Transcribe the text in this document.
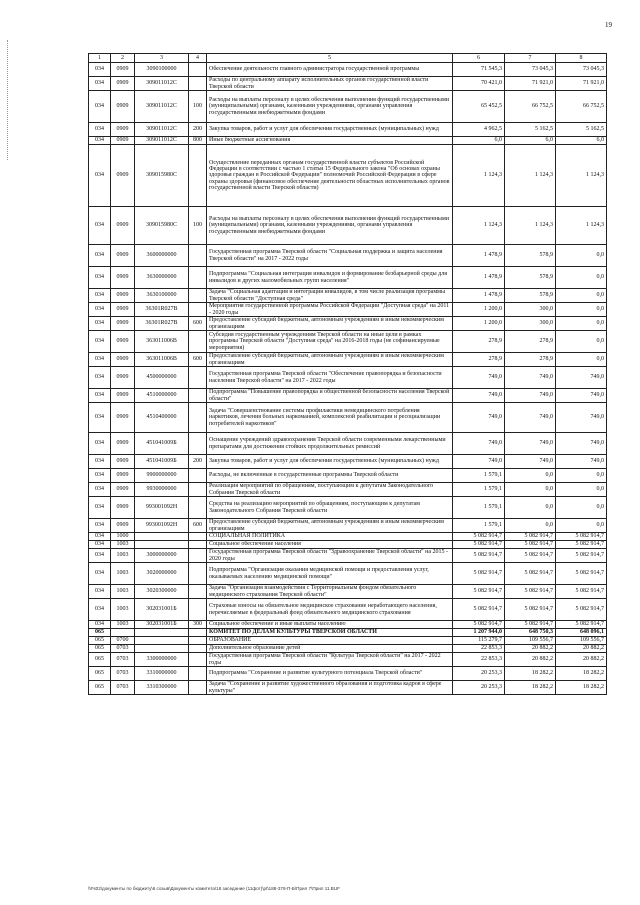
19
1	2	3	4	5	6	7	8
034	0909	3090100000		Обеспечение деятельности главного администратора государственной программы	71 545,3	73 045,3	73 045,3
034	0909	309011012С		Расходы по центральному аппарату исполнительных органов государственной власти Тверской области	70 421,0	71 921,0	71 921,0
034	0909	309011012С	100	Расходы на выплаты персоналу в целях обеспечения выполнения функций государственными (муниципальными) органами, казенными учреждениями, органами управления государственными внебюджетными фондами	65 452,5	66 752,5	66 752,5
034	0909	309011012С	200	Закупка товаров, работ и услуг для обеспечения государственных (муниципальных) нужд	4 962,5	5 162,5	5 162,5
034	0909	309011012С	800	Иные бюджетные ассигнования	6,0	6,0	6,0
034	0909	309015980С		Осуществление переданных органам государственной власти субъектов Российской Федерации в соответствии с частью 1 статьи 15 Федерального закона "Об основах охраны здоровья граждан в Российской Федерации" полномочий Российской Федерации в сфере охраны здоровья (финансовое обеспечение деятельности областных исполнительных органов государственной власти Тверской области)	1 124,3	1 124,3	1 124,3
034	0909	309015980С	100	Расходы на выплаты персоналу в целях обеспечения выполнения функций государственными (муниципальными) органами, казенными учреждениями, органами управления государственными внебюджетными фондами	1 124,3	1 124,3	1 124,3
034	0909	3600000000		Государственная программа Тверской области "Социальная поддержка и защита населения Тверской области" на 2017 - 2022 годы	1 478,9	578,9	0,0
034	0909	3630000000		Подпрограмма "Социальная интеграция инвалидов и формирование безбарьерной среды для инвалидов и других маломобильных групп населения"	1 478,9	578,9	0,0
034	0909	3630100000		Задача "Социальная адаптация и интеграция инвалидов, в том числе реализация программы Тверской области "Доступная среда"	1 478,9	578,9	0,0
034	0909	36301R027В		Мероприятия государственной программы Российской Федерации "Доступная среда" на 2011 - 2020 годы	1 200,0	300,0	0,0
034	0909	36301R027В	600	Предоставление субсидий бюджетным, автономным учреждениям и иным некоммерческим организациям	1 200,0	300,0	0,0
034	0909	363011006В		Субсидия государственным учреждениям Тверской области на иные цели в рамках программы Тверской области "Доступная среда" на 2016-2018 годы (не софинансируемые мероприятия)	278,9	278,9	0,0
034	0909	363011006В	600	Предоставление субсидий бюджетным, автономным учреждениям и иным некоммерческим организациям	278,9	278,9	0,0
034	0909	4500000000		Государственная программа Тверской области "Обеспечение правопорядка и безопасности населения Тверской области" на 2017 - 2022 годы	749,0	749,0	749,0
034	0909	4510000000		Подпрограмма "Повышение правопорядка и общественной безопасности населения Тверской области"	749,0	749,0	749,0
034	0909	4510400000		Задача "Совершенствование системы профилактики немедицинского потребления наркотиков, лечения больных наркоманией, комплексной реабилитации и ресоциализации потребителей наркотиков"	749,0	749,0	749,0
034	0909	451041009Б		Оснащение учреждений здравоохранения Тверской области современными лекарственными препаратами для достижения стойких продолжительных ремиссий	749,0	749,0	749,0
034	0909	451041009Б	200	Закупка товаров, работ и услуг для обеспечения государственных (муниципальных) нужд	749,0	749,0	749,0
034	0909	9900000000		Расходы, не включенные в государственные программы Тверской области	1 579,1	0,0	0,0
034	0909	9930000000		Реализация мероприятий по обращениям, поступающим к депутатам Законодательного Собрания Тверской области	1 579,1	0,0	0,0
034	0909	993001092Н		Средства на реализацию мероприятий по обращениям, поступающим к депутатам Законодательного Собрания Тверской области	1 579,1	0,0	0,0
034	0909	993001092Н	600	Предоставление субсидий бюджетным, автономным учреждениям и иным некоммерческим организациям	1 579,1	0,0	0,0
034	1000			СОЦИАЛЬНАЯ ПОЛИТИКА	5 082 914,7	5 082 914,7	5 082 914,7
034	1003			Социальное обеспечение населения	5 082 914,7	5 082 914,7	5 082 914,7
034	1003	3000000000		Государственная программа Тверской области "Здравоохранение Тверской области" на 2015 - 2020 годы	5 082 914,7	5 082 914,7	5 082 914,7
034	1003	3020000000		Подпрограмма "Организация оказания медицинской помощи и предоставления услуг, оказываемых населению медицинской помощи"	5 082 914,7	5 082 914,7	5 082 914,7
034	1003	3020300000		Задача "Организация взаимодействия с Территориальным фондом обязательного медицинского страхования Тверской области"	5 082 914,7	5 082 914,7	5 082 914,7
034	1003	302031001Б		Страховые взносы на обязательное медицинское страхование неработающего населения, перечисляемые в федеральный фонд обязательного медицинского страхования	5 082 914,7	5 082 914,7	5 082 914,7
034	1003	302031001Б	300	Социальное обеспечение и иные выплаты населению	5 082 914,7	5 082 914,7	5 082 914,7
065				КОМИТЕТ ПО ДЕЛАМ КУЛЬТУРЫ ТВЕРСКОЙ ОБЛАСТИ	1 207 944,0	648 750,3	648 096,1
065	0700			ОБРАЗОВАНИЕ	115 279,7	109 556,7	109 556,7
065	0703			Дополнительное образование детей	22 853,3	20 882,2	20 882,2
065	0703	3300000000		Государственная программа Тверской области "Культура Тверской области" на 2017 - 2022 годы	22 853,3	20 882,2	20 882,2
065	0703	3310000000		Подпрограмма "Сохранение и развитие культурного потенциала Тверской области"	20 253,3	18 282,2	18 282,2
065	0703	3310300000		Задача "Сохранение и развитие художественного образования и подготовка кадров в сфере культуры"	20 253,3	18 282,2	18 282,2
\\Fs02\документы по бюджету\6 созыв\Документы комитета\18 заседание (11фот)\pt\188-378-П-Б\Прил 7\Прил 11.BUF
